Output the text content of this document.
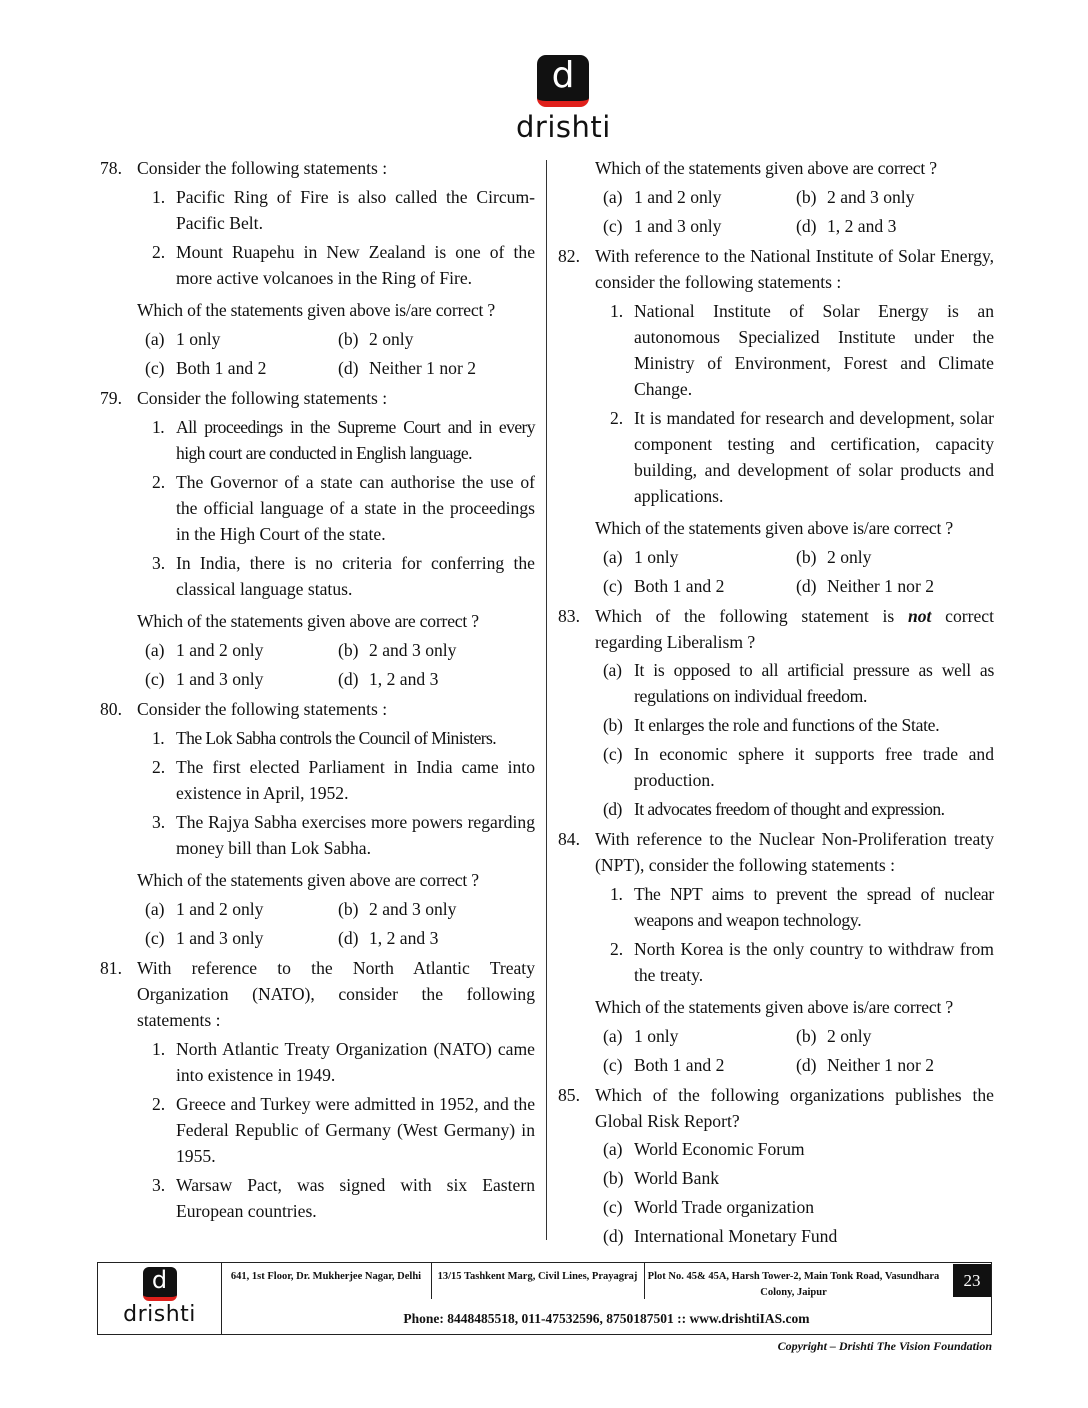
d
drishti
78. Consider the following statements :
1. Pacific Ring of Fire is also called the Circum-Pacific Belt.
2. Mount Ruapehu in New Zealand is one of the more active volcanoes in the Ring of Fire.
Which of the statements given above is/are correct ?
(a) 1 only	(b) 2 only
(c) Both 1 and 2	(d) Neither 1 nor 2
79. Consider the following statements :
1. All proceedings in the Supreme Court and in every high court are conducted in English language.
2. The Governor of a state can authorise the use of the official language of a state in the proceedings in the High Court of the state.
3. In India, there is no criteria for conferring the classical language status.
Which of the statements given above are correct ?
(a) 1 and 2 only	(b) 2 and 3 only
(c) 1 and 3 only	(d) 1, 2 and 3
80. Consider the following statements :
1. The Lok Sabha controls the Council of Ministers.
2. The first elected Parliament in India came into existence in April, 1952.
3. The Rajya Sabha exercises more powers regarding money bill than Lok Sabha.
Which of the statements given above are correct ?
(a) 1 and 2 only	(b) 2 and 3 only
(c) 1 and 3 only	(d) 1, 2 and 3
81. With reference to the North Atlantic Treaty Organization (NATO), consider the following statements :
1. North Atlantic Treaty Organization (NATO) came into existence in 1949.
2. Greece and Turkey were admitted in 1952, and the Federal Republic of Germany (West Germany) in 1955.
3. Warsaw Pact, was signed with six Eastern European countries.
Which of the statements given above are correct ?
(a) 1 and 2 only	(b) 2 and 3 only
(c) 1 and 3 only	(d) 1, 2 and 3
82. With reference to the National Institute of Solar Energy, consider the following statements :
1. National Institute of Solar Energy is an autonomous Specialized Institute under the Ministry of Environment, Forest and Climate Change.
2. It is mandated for research and development, solar component testing and certification, capacity building, and development of solar products and applications.
Which of the statements given above is/are correct ?
(a) 1 only	(b) 2 only
(c) Both 1 and 2	(d) Neither 1 nor 2
83. Which of the following statement is not correct regarding Liberalism ?
(a) It is opposed to all artificial pressure as well as regulations on individual freedom.
(b) It enlarges the role and functions of the State.
(c) In economic sphere it supports free trade and production.
(d) It advocates freedom of thought and expression.
84. With reference to the Nuclear Non-Proliferation treaty (NPT), consider the following statements :
1. The NPT aims to prevent the spread of nuclear weapons and weapon technology.
2. North Korea is the only country to withdraw from the treaty.
Which of the statements given above is/are correct ?
(a) 1 only	(b) 2 only
(c) Both 1 and 2	(d) Neither 1 nor 2
85. Which of the following organizations publishes the Global Risk Report?
(a) World Economic Forum
(b) World Bank
(c) World Trade organization
(d) International Monetary Fund
d
drishti
641, 1st Floor, Dr. Mukherjee Nagar, Delhi	13/15 Tashkent Marg, Civil Lines, Prayagraj Plot No. 45& 45A, Harsh Tower-2, Main Tonk Road, Vasundhara Colony, Jaipur
23
Phone: 8448485518, 011-47532596, 8750187501 :: www.drishtiIAS.com
Copyright – Drishti The Vision Foundation
